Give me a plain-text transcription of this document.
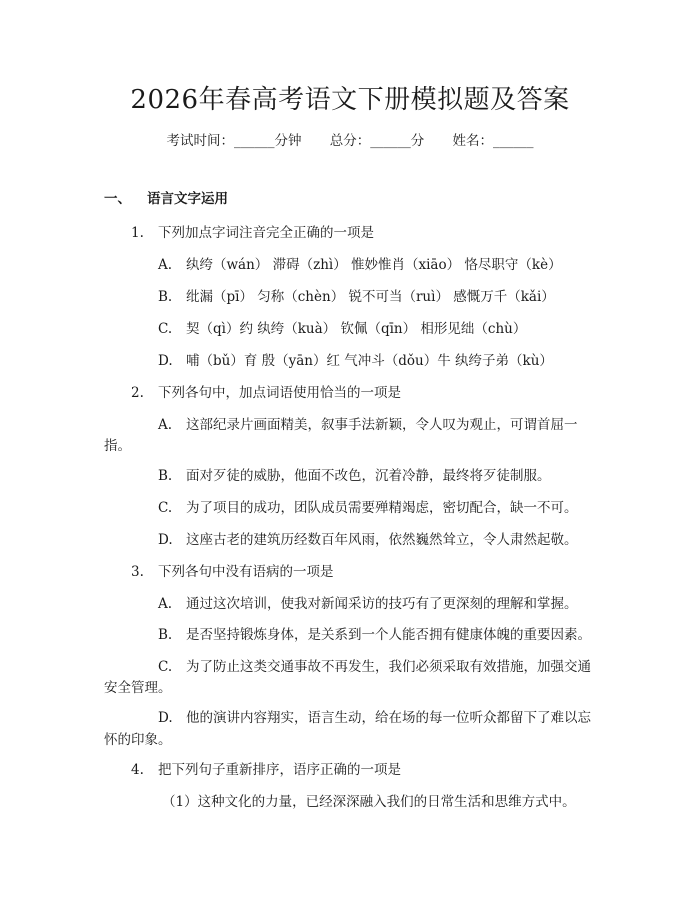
2026年春高考语文下册模拟题及答案
考试时间：______分钟 总分：______分 姓名：______
一、 语言文字运用
1. 下列加点字词注音完全正确的一项是
A. 纨绔（wán） 滞碍（zhì） 惟妙惟肖（xiāo） 恪尽职守（kè）
B. 纰漏（pī） 匀称（chèn） 锐不可当（ruì） 感慨万千（kǎi）
C. 契（qì）约 纨绔（kuà） 钦佩（qīn） 相形见绌（chù）
D. 哺（bǔ）育 殷（yān）红 气冲斗（dǒu）牛 纨绔子弟（kù）
2. 下列各句中，加点词语使用恰当的一项是
A. 这部纪录片画面精美，叙事手法新颖，令人叹为观止，可谓首屈一
指。
B. 面对歹徒的威胁，他面不改色，沉着冷静，最终将歹徒制服。
C. 为了项目的成功，团队成员需要殚精竭虑，密切配合，缺一不可。
D. 这座古老的建筑历经数百年风雨，依然巍然耸立，令人肃然起敬。
3. 下列各句中没有语病的一项是
A. 通过这次培训，使我对新闻采访的技巧有了更深刻的理解和掌握。
B. 是否坚持锻炼身体，是关系到一个人能否拥有健康体魄的重要因素。
C. 为了防止这类交通事故不再发生，我们必须采取有效措施，加强交通
安全管理。
D. 他的演讲内容翔实，语言生动，给在场的每一位听众都留下了难以忘
怀的印象。
4. 把下列句子重新排序，语序正确的一项是
（1）这种文化的力量，已经深深融入我们的日常生活和思维方式中。
